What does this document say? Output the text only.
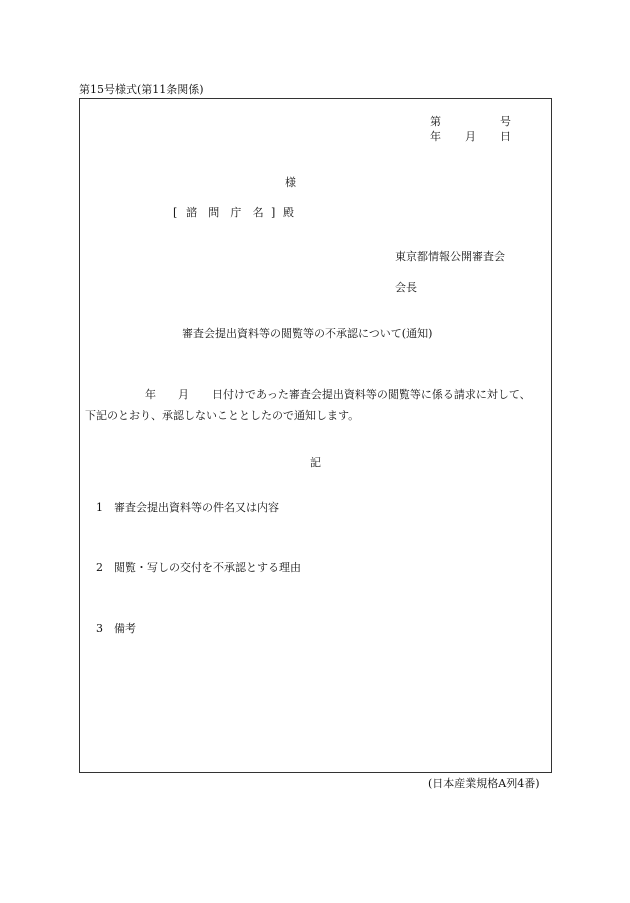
第15号様式(第11条関係)
第	号
年 月 日
様
[ 諮 問 庁 名 ] 殿
東京都情報公開審査会
会長
審査会提出資料等の閲覧等の不承認について(通知)
年 月 日付けであった審査会提出資料等の閲覧等に係る請求に対して、
下記のとおり、承認しないこととしたので通知します。
記
1 審査会提出資料等の件名又は内容
2 閲覧・写しの交付を不承認とする理由
3 備考
(日本産業規格A列4番)
